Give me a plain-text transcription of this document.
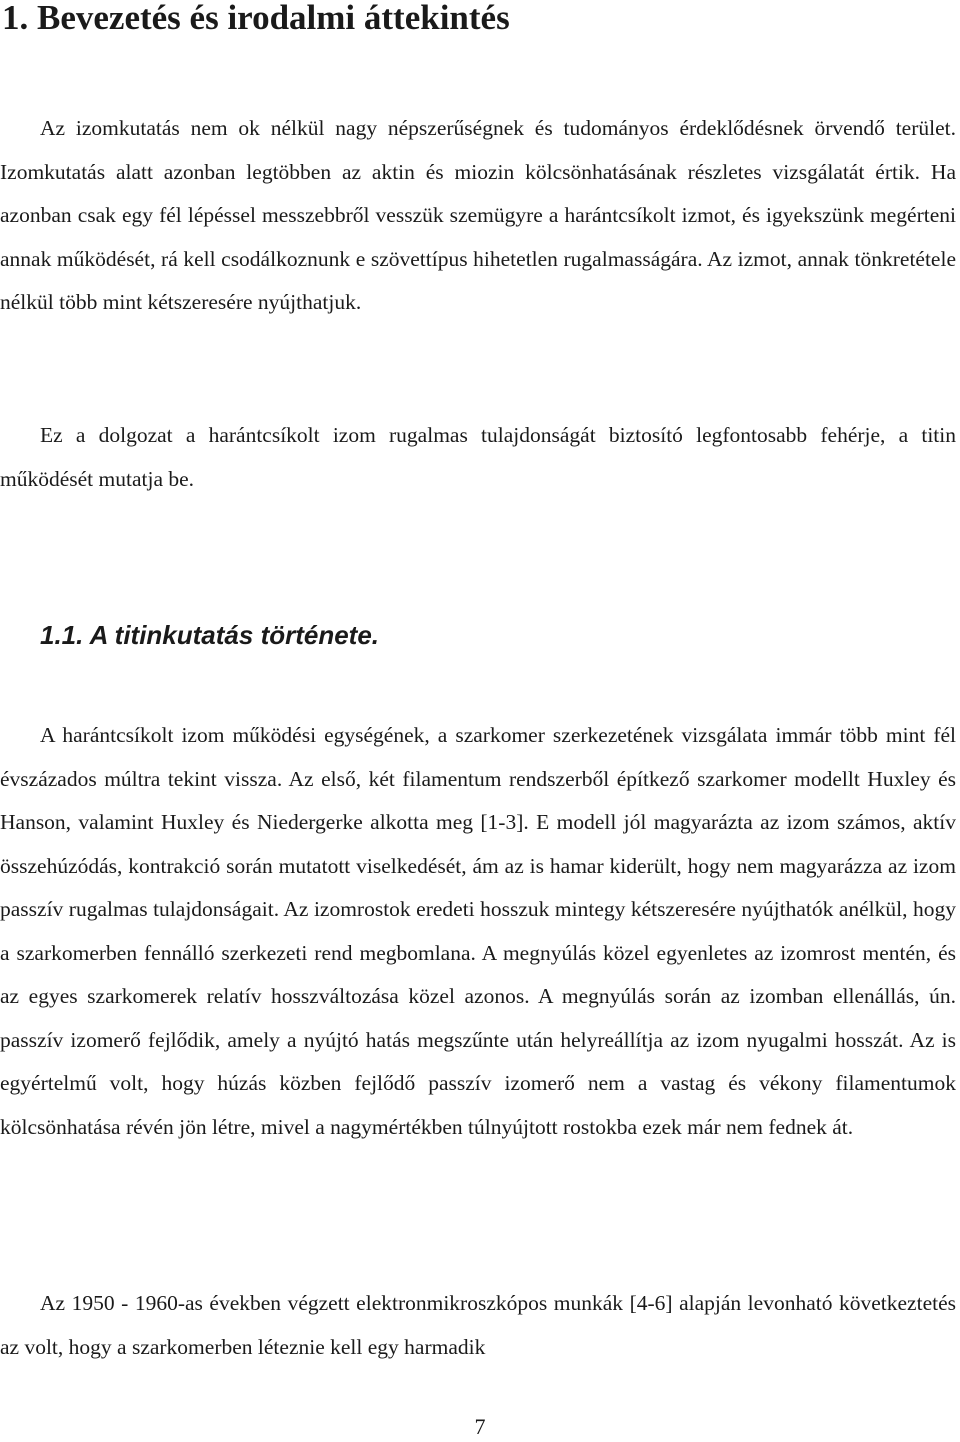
1. Bevezetés és irodalmi áttekintés

Az izomkutatás nem ok nélkül nagy népszerűségnek és tudományos érdeklődésnek örvendő terület. Izomkutatás alatt azonban legtöbben az aktin és miozin kölcsönhatásának részletes vizsgálatát értik. Ha azonban csak egy fél lépéssel messzebbről vesszük szemügyre a harántcsíkolt izmot, és igyekszünk megérteni annak működését, rá kell csodálkoznunk e szövettípus hihetetlen rugalmasságára. Az izmot, annak tönkretétele nélkül több mint kétszeresére nyújthatjuk.

Ez a dolgozat a harántcsíkolt izom rugalmas tulajdonságát biztosító legfontosabb fehérje, a titin működését mutatja be.

1.1. A titinkutatás története.

A harántcsíkolt izom működési egységének, a szarkomer szerkezetének vizsgálata immár több mint fél évszázados múltra tekint vissza. Az első, két filamentum rendszerből építkező szarkomer modellt Huxley és Hanson, valamint Huxley és Niedergerke alkotta meg [1-3]. E modell jól magyarázta az izom számos, aktív összehúzódás, kontrakció során mutatott viselkedését, ám az is hamar kiderült, hogy nem magyarázza az izom passzív rugalmas tulajdonságait. Az izomrostok eredeti hosszuk mintegy kétszeresére nyújthatók anélkül, hogy a szarkomerben fennálló szerkezeti rend megbomlana. A megnyúlás közel egyenletes az izomrost mentén, és az egyes szarkomerek relatív hosszváltozása közel azonos. A megnyúlás során az izomban ellenállás, ún. passzív izomerő fejlődik, amely a nyújtó hatás megszűnte után helyreállítja az izom nyugalmi hosszát. Az is egyértelmű volt, hogy húzás közben fejlődő passzív izomerő nem a vastag és vékony filamentumok kölcsönhatása révén jön létre, mivel a nagymértékben túlnyújtott rostokba ezek már nem fednek át.

Az 1950 - 1960-as években végzett elektronmikroszkópos munkák [4-6] alapján levonható következtetés az volt, hogy a szarkomerben léteznie kell egy harmadik

7
